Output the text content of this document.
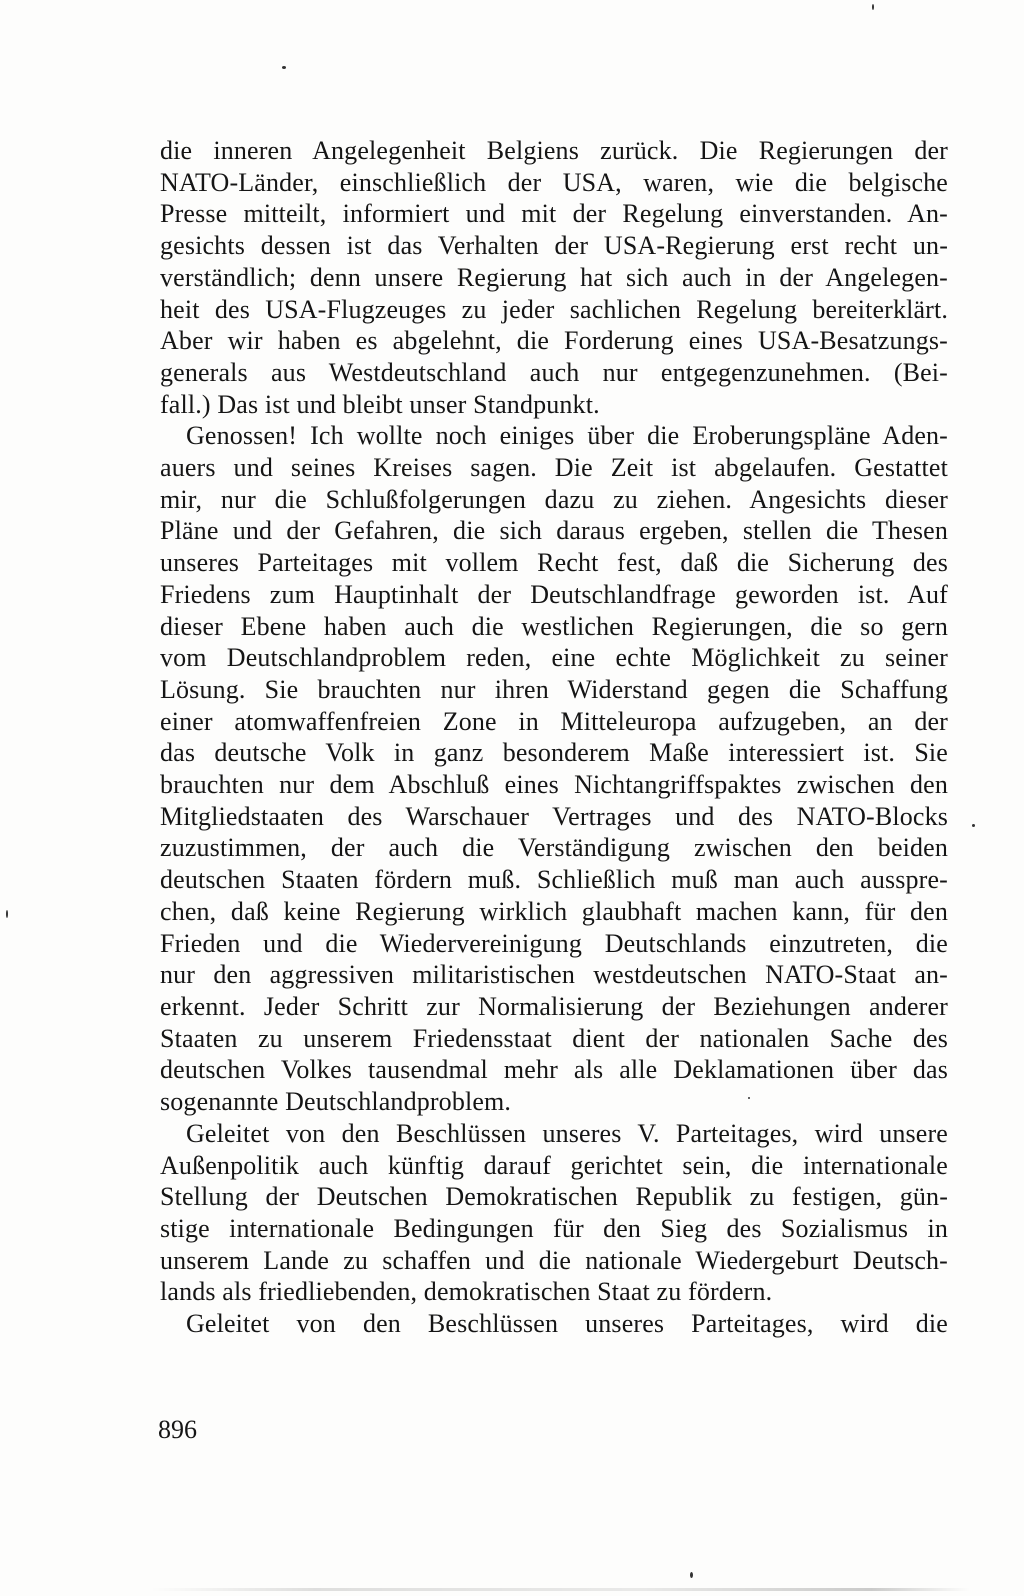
die inneren Angelegenheit Belgiens zurück. Die Regierungen der
NATO-Länder, einschließlich der USA, waren, wie die belgische
Presse mitteilt, informiert und mit der Regelung einverstanden. An-
gesichts dessen ist das Verhalten der USA-Regierung erst recht un-
verständlich; denn unsere Regierung hat sich auch in der Angelegen-
heit des USA-Flugzeuges zu jeder sachlichen Regelung bereiterklärt.
Aber wir haben es abgelehnt, die Forderung eines USA-Besatzungs-
generals aus Westdeutschland auch nur entgegenzunehmen. (Bei-
fall.) Das ist und bleibt unser Standpunkt.
Genossen! Ich wollte noch einiges über die Eroberungspläne Aden-
auers und seines Kreises sagen. Die Zeit ist abgelaufen. Gestattet
mir, nur die Schlußfolgerungen dazu zu ziehen. Angesichts dieser
Pläne und der Gefahren, die sich daraus ergeben, stellen die Thesen
unseres Parteitages mit vollem Recht fest, daß die Sicherung des
Friedens zum Hauptinhalt der Deutschlandfrage geworden ist. Auf
dieser Ebene haben auch die westlichen Regierungen, die so gern
vom Deutschlandproblem reden, eine echte Möglichkeit zu seiner
Lösung. Sie brauchten nur ihren Widerstand gegen die Schaffung
einer atomwaffenfreien Zone in Mitteleuropa aufzugeben, an der
das deutsche Volk in ganz besonderem Maße interessiert ist. Sie
brauchten nur dem Abschluß eines Nichtangriffspaktes zwischen den
Mitgliedstaaten des Warschauer Vertrages und des NATO-Blocks
zuzustimmen, der auch die Verständigung zwischen den beiden
deutschen Staaten fördern muß. Schließlich muß man auch ausspre-
chen, daß keine Regierung wirklich glaubhaft machen kann, für den
Frieden und die Wiedervereinigung Deutschlands einzutreten, die
nur den aggressiven militaristischen westdeutschen NATO-Staat an-
erkennt. Jeder Schritt zur Normalisierung der Beziehungen anderer
Staaten zu unserem Friedensstaat dient der nationalen Sache des
deutschen Volkes tausendmal mehr als alle Deklamationen über das
sogenannte Deutschlandproblem.
Geleitet von den Beschlüssen unseres V. Parteitages, wird unsere
Außenpolitik auch künftig darauf gerichtet sein, die internationale
Stellung der Deutschen Demokratischen Republik zu festigen, gün-
stige internationale Bedingungen für den Sieg des Sozialismus in
unserem Lande zu schaffen und die nationale Wiedergeburt Deutsch-
lands als friedliebenden, demokratischen Staat zu fördern.
Geleitet von den Beschlüssen unseres Parteitages, wird die
896
